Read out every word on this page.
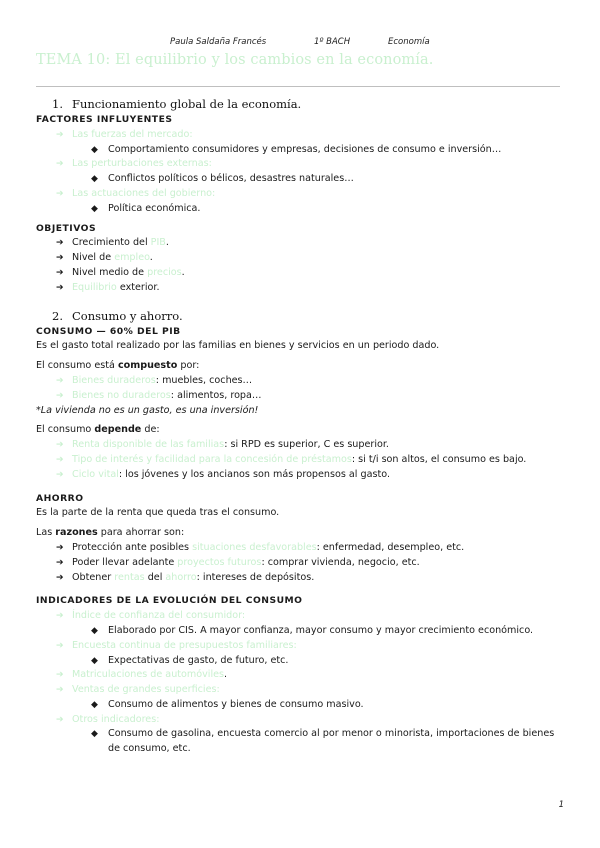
Paula Saldaña Francés	1º BACH	Economía
TEMA 10: El equilibrio y los cambios en la economía.
1. Funcionamiento global de la economía.

FACTORES INFLUYENTES

➔ Las fuerzas del mercado:
◆ Comportamiento consumidores y empresas, decisiones de consumo e inversión…
➔ Las perturbaciones externas:
◆ Conflictos políticos o bélicos, desastres naturales…
➔ Las actuaciones del gobierno:
◆ Política económica.

OBJETIVOS

➔ Crecimiento del PIB.
➔ Nivel de empleo.
➔ Nivel medio de precios.
➔ Equilibrio exterior.
2. Consumo y ahorro.

CONSUMO — 60% DEL PIB

Es el gasto total realizado por las familias en bienes y servicios en un periodo dado.

El consumo está compuesto por:

➔ Bienes duraderos: muebles, coches…
➔ Bienes no duraderos: alimentos, ropa…

*La vivienda no es un gasto, es una inversión!

El consumo depende de:

➔ Renta disponible de las familias: si RPD es superior, C es superior.
➔ Tipo de interés y facilidad para la concesión de préstamos: si t/i son altos, el consumo es bajo.
➔ Ciclo vital: los jóvenes y los ancianos son más propensos al gasto.

AHORRO

Es la parte de la renta que queda tras el consumo.

Las razones para ahorrar son:

➔ Protección ante posibles situaciones desfavorables: enfermedad, desempleo, etc.
➔ Poder llevar adelante proyectos futuros: comprar vivienda, negocio, etc.
➔ Obtener rentas del ahorro: intereses de depósitos.

INDICADORES DE LA EVOLUCIÓN DEL CONSUMO

➔ Índice de confianza del consumidor:
◆ Elaborado por CIS. A mayor confianza, mayor consumo y mayor crecimiento económico.
➔ Encuesta continua de presupuestos familiares:
◆ Expectativas de gasto, de futuro, etc.
➔ Matriculaciones de automóviles.
➔ Ventas de grandes superficies:
◆ Consumo de alimentos y bienes de consumo masivo.
➔ Otros indicadores:
◆ Consumo de gasolina, encuesta comercio al por menor o minorista, importaciones de bienes de consumo, etc.
1
